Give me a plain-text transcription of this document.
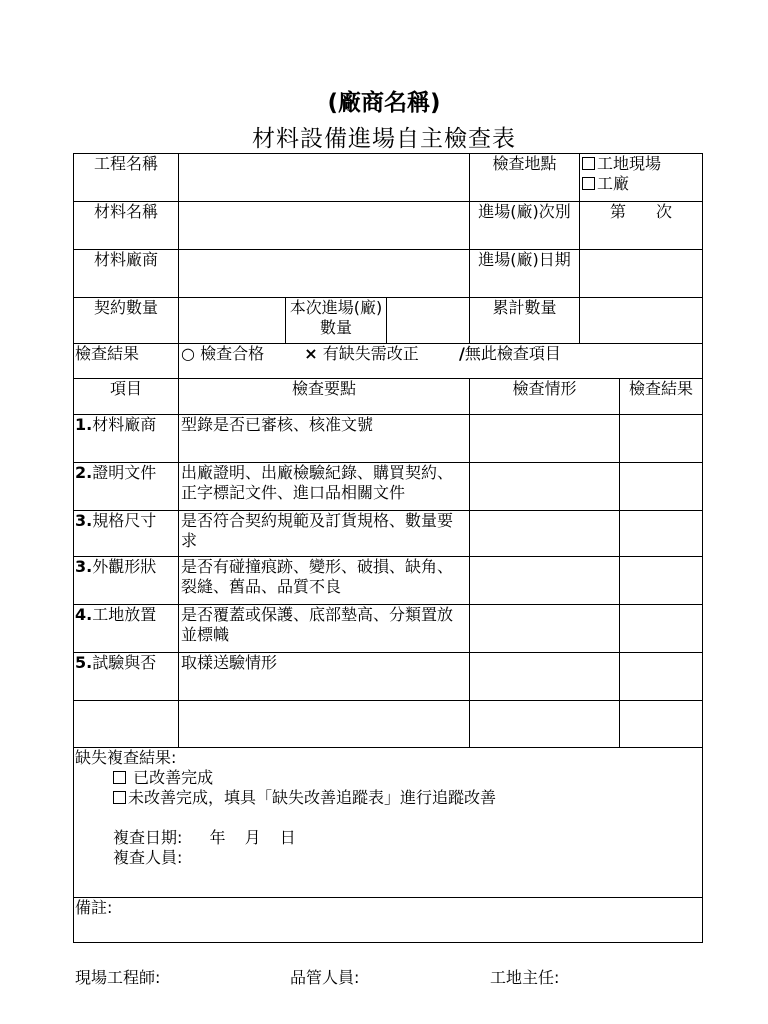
(廠商名稱)
材料設備進場自主檢查表
工程名稱				檢查地點	工地現場
工廠

材料名稱				進場(廠)次別	第 次
材料廠商				進場(廠)日期	
契約數量		本次進場(廠)數量		累計數量	
檢查結果	○ 檢查合格	× 有缺失需改正	/無此檢查項目
項目	檢查要點	檢查情形	檢查結果
1.材料廠商	型錄是否已審核、核准文號		
2.證明文件	出廠證明、出廠檢驗紀錄、購買契約、正字標記文件、進口品相關文件		
3.規格尺寸	是否符合契約規範及訂貨規格、數量要求		
3.外觀形狀	是否有碰撞痕跡、變形、破損、缺角、裂縫、舊品、品質不良		
4.工地放置	是否覆蓋或保護、底部墊高、分類置放並標幟		
5.試驗與否	取樣送驗情形		

缺失複查結果:
已改善完成
未改善完成，填具「缺失改善追蹤表」進行追蹤改善
複查日期: 年 月 日
複查人員:

備註:
現場工程師:	品管人員:	工地主任:
